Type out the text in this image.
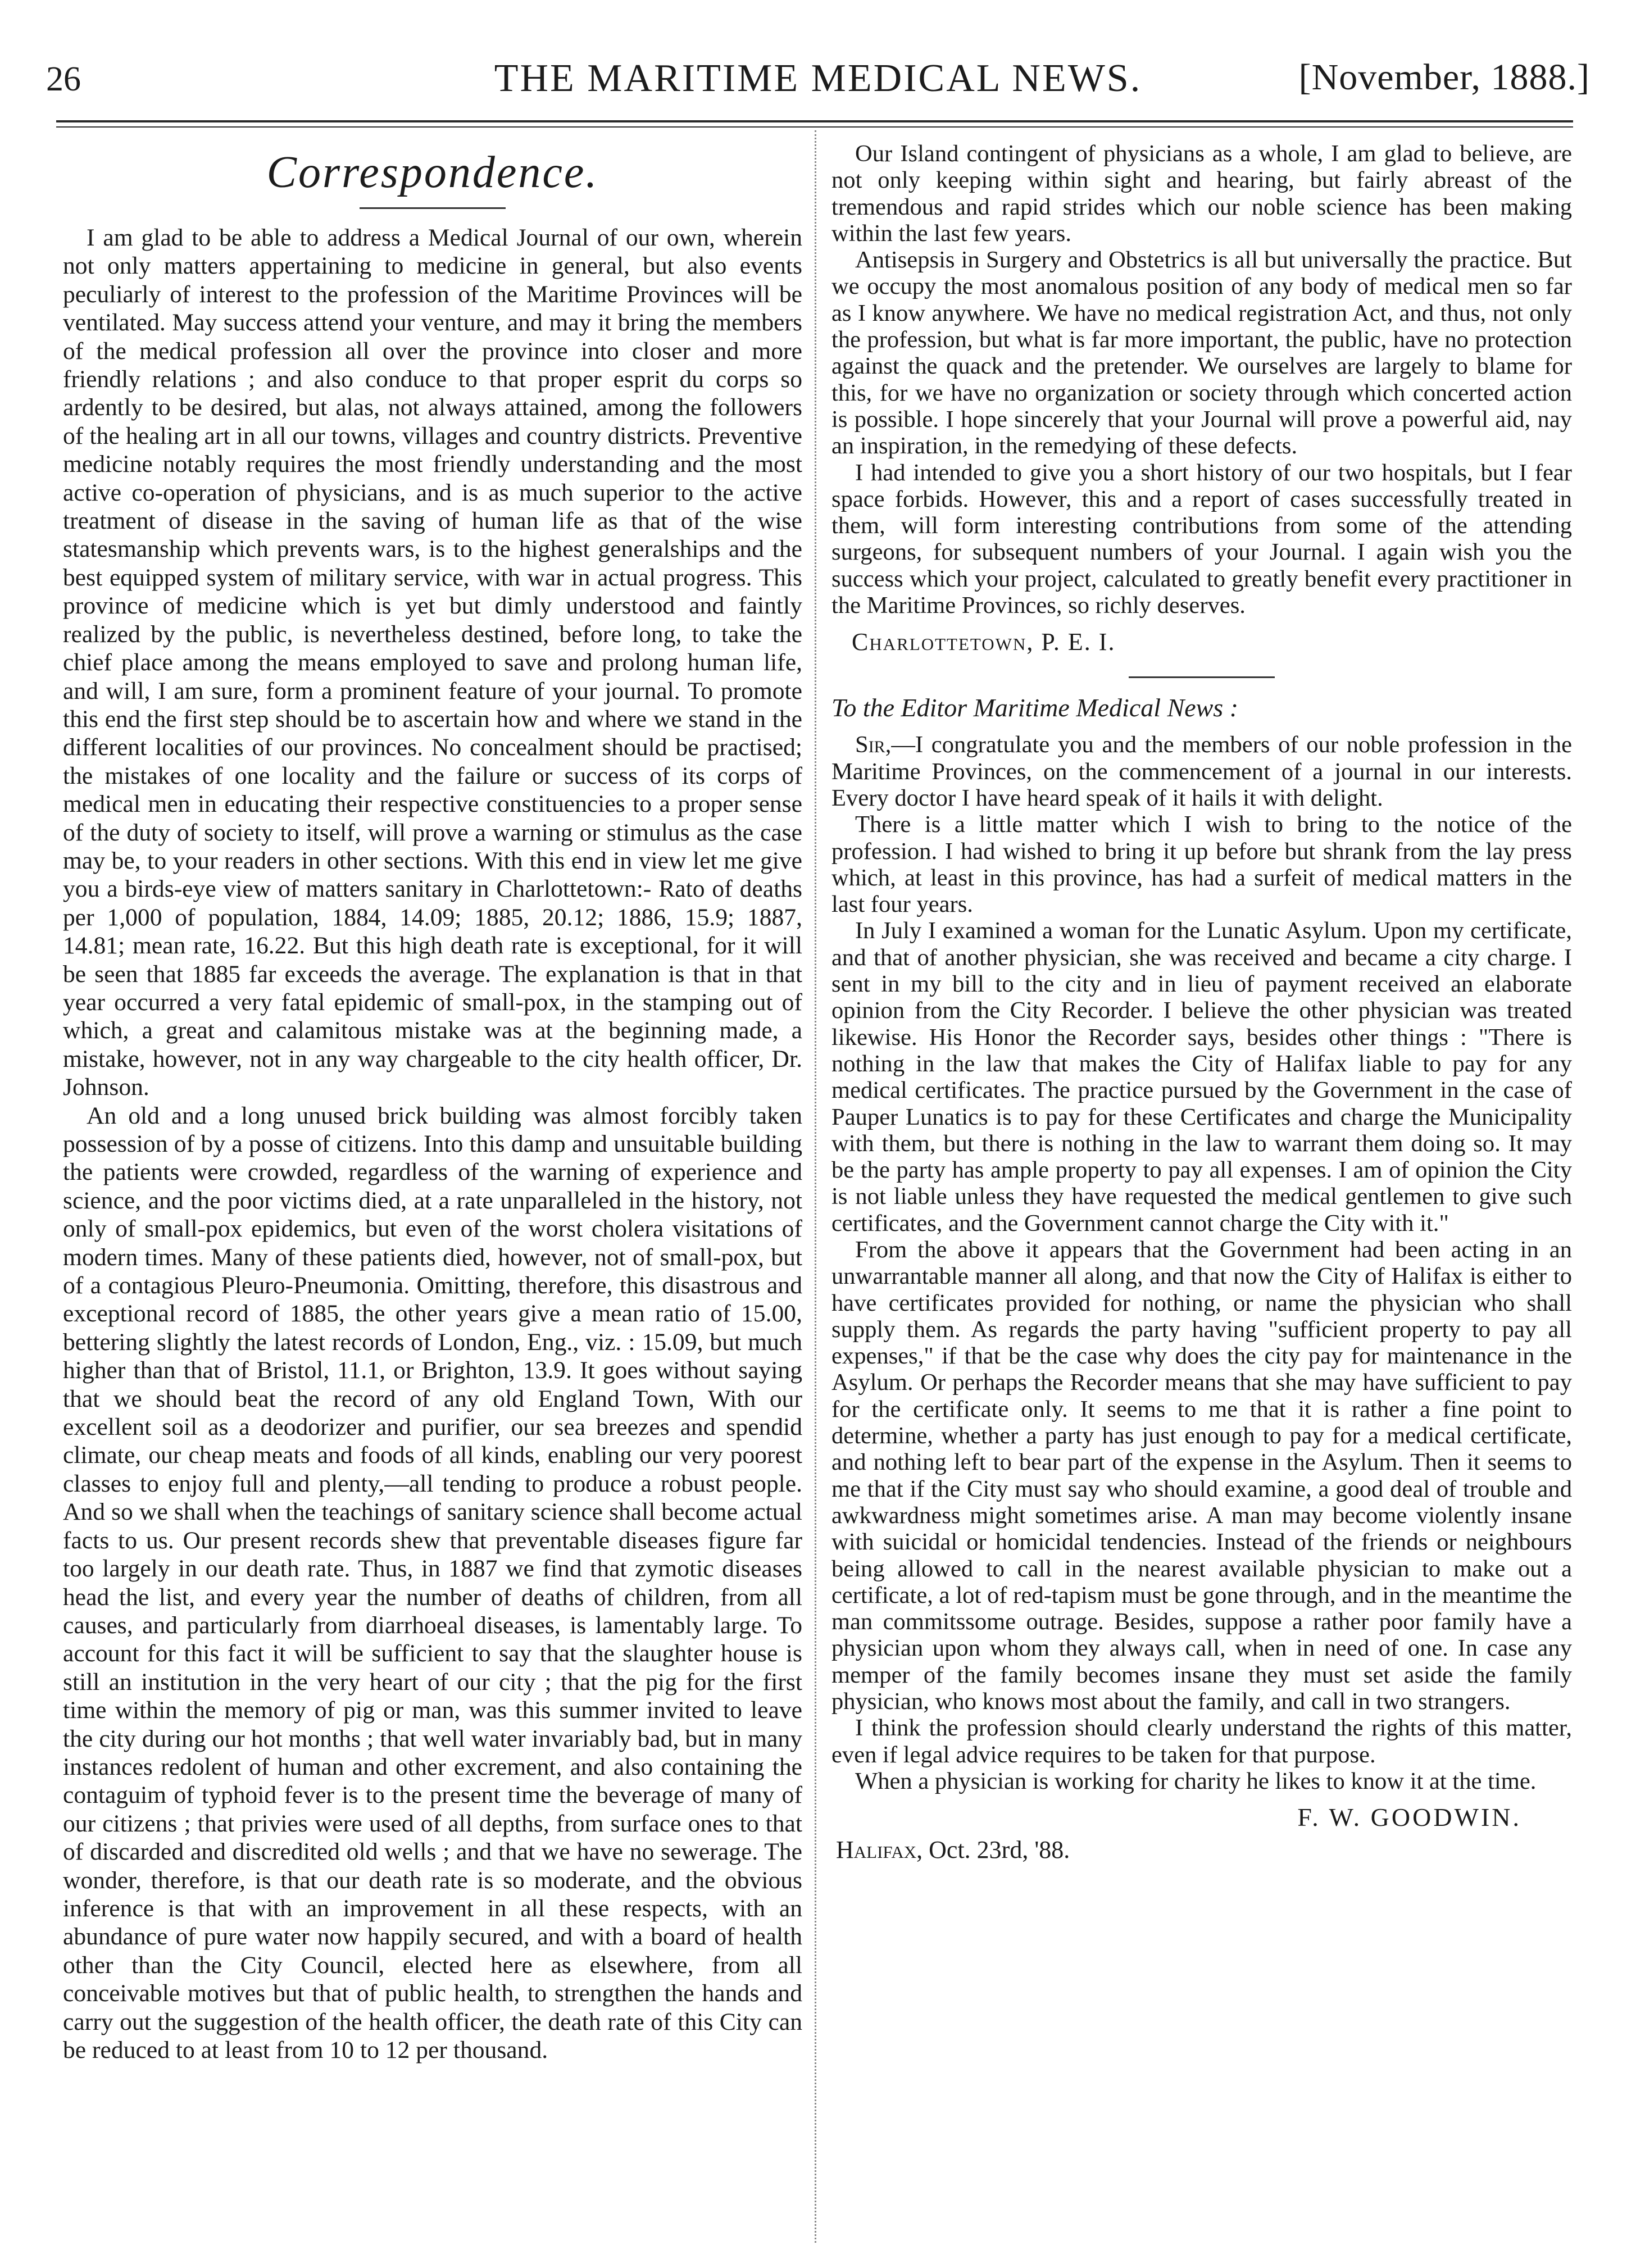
26	THE MARITIME MEDICAL NEWS.	[November, 1888.]
Correspondence.

I am glad to be able to address a Medical Journal of our own, wherein not only matters appertaining to medicine in general, but also events peculiarly of interest to the profession of the Maritime Provinces will be ventilated. May success attend your venture, and may it bring the members of the medical profession all over the province into closer and more friendly relations ; and also conduce to that proper esprit du corps so ardently to be desired, but alas, not always attained, among the followers of the healing art in all our towns, villages and country districts. Preventive medicine notably requires the most friendly understanding and the most active co-operation of physicians, and is as much superior to the active treatment of disease in the saving of human life as that of the wise statesmanship which prevents wars, is to the highest generalships and the best equipped system of military service, with war in actual progress. This province of medicine which is yet but dimly understood and faintly realized by the public, is nevertheless destined, before long, to take the chief place among the means employed to save and prolong human life, and will, I am sure, form a prominent feature of your journal. To promote this end the first step should be to ascertain how and where we stand in the different localities of our provinces. No concealment should be practised; the mistakes of one locality and the failure or success of its corps of medical men in educating their respective constituencies to a proper sense of the duty of society to itself, will prove a warning or stimulus as the case may be, to your readers in other sections. With this end in view let me give you a birds-eye view of matters sanitary in Charlottetown:- Rato of deaths per 1,000 of population, 1884, 14.09; 1885, 20.12; 1886, 15.9; 1887, 14.81; mean rate, 16.22. But this high death rate is exceptional, for it will be seen that 1885 far exceeds the average. The explanation is that in that year occurred a very fatal epidemic of small-pox, in the stamping out of which, a great and calamitous mistake was at the beginning made, a mistake, however, not in any way chargeable to the city health officer, Dr. Johnson.

An old and a long unused brick building was almost forcibly taken possession of by a posse of citizens. Into this damp and unsuitable building the patients were crowded, regardless of the warning of experience and science, and the poor victims died, at a rate unparalleled in the history, not only of small-pox epidemics, but even of the worst cholera visitations of modern times. Many of these patients died, however, not of small-pox, but of a contagious Pleuro-Pneumonia. Omitting, therefore, this disastrous and exceptional record of 1885, the other years give a mean ratio of 15.00, bettering slightly the latest records of London, Eng., viz. : 15.09, but much higher than that of Bristol, 11.1, or Brighton, 13.9. It goes without saying that we should beat the record of any old England Town, With our excellent soil as a deodorizer and purifier, our sea breezes and spendid climate, our cheap meats and foods of all kinds, enabling our very poorest classes to enjoy full and plenty,—all tending to produce a robust people. And so we shall when the teachings of sanitary science shall become actual facts to us. Our present records shew that preventable diseases figure far too largely in our death rate. Thus, in 1887 we find that zymotic diseases head the list, and every year the number of deaths of children, from all causes, and particularly from diarrhoeal diseases, is lamentably large. To account for this fact it will be sufficient to say that the slaughter house is still an institution in the very heart of our city ; that the pig for the first time within the memory of pig or man, was this summer invited to leave the city during our hot months ; that well water invariably bad, but in many instances redolent of human and other excrement, and also containing the contaguim of typhoid fever is to the present time the beverage of many of our citizens ; that privies were used of all depths, from surface ones to that of discarded and discredited old wells ; and that we have no sewerage. The wonder, therefore, is that our death rate is so moderate, and the obvious inference is that with an improvement in all these respects, with an abundance of pure water now happily secured, and with a board of health other than the City Council, elected here as elsewhere, from all conceivable motives but that of public health, to strengthen the hands and carry out the suggestion of the health officer, the death rate of this City can be reduced to at least from 10 to 12 per thousand.

Our Island contingent of physicians as a whole, I am glad to believe, are not only keeping within sight and hearing, but fairly abreast of the tremendous and rapid strides which our noble science has been making within the last few years.

Antisepsis in Surgery and Obstetrics is all but universally the practice. But we occupy the most anomalous position of any body of medical men so far as I know anywhere. We have no medical registration Act, and thus, not only the profession, but what is far more important, the public, have no protection against the quack and the pretender. We ourselves are largely to blame for this, for we have no organization or society through which concerted action is possible. I hope sincerely that your Journal will prove a powerful aid, nay an inspiration, in the remedying of these defects.

I had intended to give you a short history of our two hospitals, but I fear space forbids. However, this and a report of cases successfully treated in them, will form interesting contributions from some of the attending surgeons, for subsequent numbers of your Journal. I again wish you the success which your project, calculated to greatly benefit every practitioner in the Maritime Provinces, so richly deserves.

Charlottetown, P. E. I.
To the Editor Maritime Medical News :

Sir,—I congratulate you and the members of our noble profession in the Maritime Provinces, on the commencement of a journal in our interests. Every doctor I have heard speak of it hails it with delight.

There is a little matter which I wish to bring to the notice of the profession. I had wished to bring it up before but shrank from the lay press which, at least in this province, has had a surfeit of medical matters in the last four years.

In July I examined a woman for the Lunatic Asylum. Upon my certificate, and that of another physician, she was received and became a city charge. I sent in my bill to the city and in lieu of payment received an elaborate opinion from the City Recorder. I believe the other physician was treated likewise. His Honor the Recorder says, besides other things : "There is nothing in the law that makes the City of Halifax liable to pay for any medical certificates. The practice pursued by the Government in the case of Pauper Lunatics is to pay for these Certificates and charge the Municipality with them, but there is nothing in the law to warrant them doing so. It may be the party has ample property to pay all expenses. I am of opinion the City is not liable unless they have requested the medical gentlemen to give such certificates, and the Government cannot charge the City with it."

From the above it appears that the Government had been acting in an unwarrantable manner all along, and that now the City of Halifax is either to have certificates provided for nothing, or name the physician who shall supply them. As regards the party having "sufficient property to pay all expenses," if that be the case why does the city pay for maintenance in the Asylum. Or perhaps the Recorder means that she may have sufficient to pay for the certificate only. It seems to me that it is rather a fine point to determine, whether a party has just enough to pay for a medical certificate, and nothing left to bear part of the expense in the Asylum. Then it seems to me that if the City must say who should examine, a good deal of trouble and awkwardness might sometimes arise. A man may become violently insane with suicidal or homicidal tendencies. Instead of the friends or neighbours being allowed to call in the nearest available physician to make out a certificate, a lot of red-tapism must be gone through, and in the meantime the man commitssome outrage. Besides, suppose a rather poor family have a physician upon whom they always call, when in need of one. In case any memper of the family becomes insane they must set aside the family physician, who knows most about the family, and call in two strangers.

I think the profession should clearly understand the rights of this matter, even if legal advice requires to be taken for that purpose.

When a physician is working for charity he likes to know it at the time.

F. W. GOODWIN.
Halifax, Oct. 23rd, '88.
